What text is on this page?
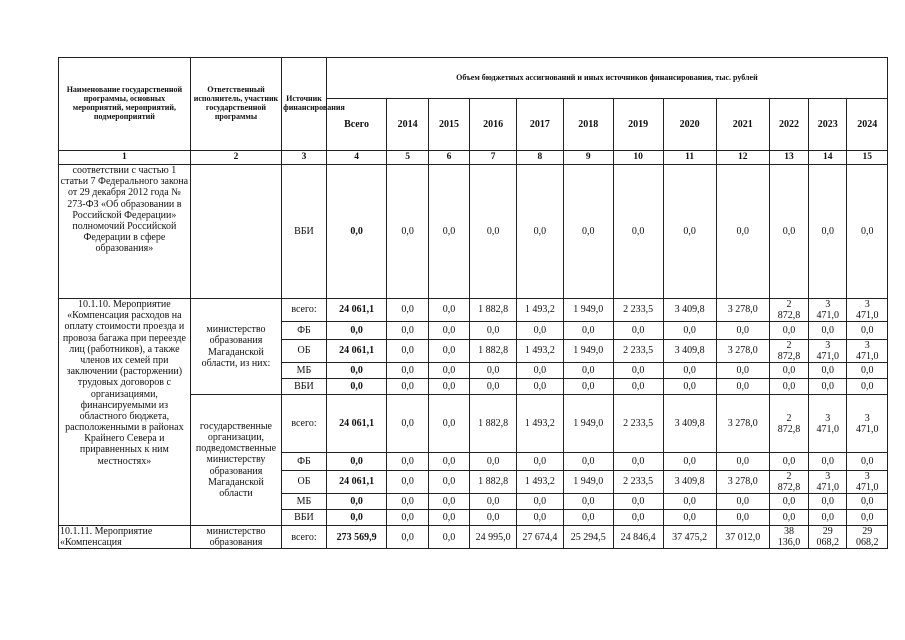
Наименование государственной программы, основных мероприятий, мероприятий, подмероприятий	Ответственный исполнитель, участник государственной программы	Источник финансирования	Объем бюджетных ассигнований и иных источников финансирования, тыс. рублей											
			Всего	2014	2015	2016	2017	2018	2019	2020	2021	2022	2023	2024
1	2	3	4	5	6	7	8	9	10	11	12	13	14	15
соответствии с частью 1 статьи 7 Федерального закона от 29 декабря 2012 года № 273-ФЗ «Об образовании в Российской Федерации» полномочий Российской Федерации в сфере образования»		ВБИ	0,0	0,0	0,0	0,0	0,0	0,0	0,0	0,0	0,0	0,0	0,0	0,0
10.1.10. Мероприятие «Компенсация расходов на оплату стоимости проезда и провоза багажа при переезде лиц (работников), а также членов их семей при заключении (расторжении) трудовых договоров с организациями, финансируемыми из областного бюджета, расположенными в районах Крайнего Севера и приравненных к ним местностях»	министерство образования Магаданской области, из них:	всего:	24 061,1	0,0	0,0	1 882,8	1 493,2	1 949,0	2 233,5	3 409,8	3 278,0	2 872,8	3 471,0	3 471,0
		ФБ	0,0	0,0	0,0	0,0	0,0	0,0	0,0	0,0	0,0	0,0	0,0	0,0
		ОБ	24 061,1	0,0	0,0	1 882,8	1 493,2	1 949,0	2 233,5	3 409,8	3 278,0	2 872,8	3 471,0	3 471,0
		МБ	0,0	0,0	0,0	0,0	0,0	0,0	0,0	0,0	0,0	0,0	0,0	0,0
		ВБИ	0,0	0,0	0,0	0,0	0,0	0,0	0,0	0,0	0,0	0,0	0,0	0,0
	государственные организации, подведомственные министерству образования Магаданской области	всего:	24 061,1	0,0	0,0	1 882,8	1 493,2	1 949,0	2 233,5	3 409,8	3 278,0	2 872,8	3 471,0	3 471,0
		ФБ	0,0	0,0	0,0	0,0	0,0	0,0	0,0	0,0	0,0	0,0	0,0	0,0
		ОБ	24 061,1	0,0	0,0	1 882,8	1 493,2	1 949,0	2 233,5	3 409,8	3 278,0	2 872,8	3 471,0	3 471,0
		МБ	0,0	0,0	0,0	0,0	0,0	0,0	0,0	0,0	0,0	0,0	0,0	0,0
		ВБИ	0,0	0,0	0,0	0,0	0,0	0,0	0,0	0,0	0,0	0,0	0,0	0,0
10.1.11. Мероприятие «Компенсация	министерство образования	всего:	273 569,9	0,0	0,0	24 995,0	27 674,4	25 294,5	24 846,4	37 475,2	37 012,0	38 136,0	29 068,2	29 068,2
